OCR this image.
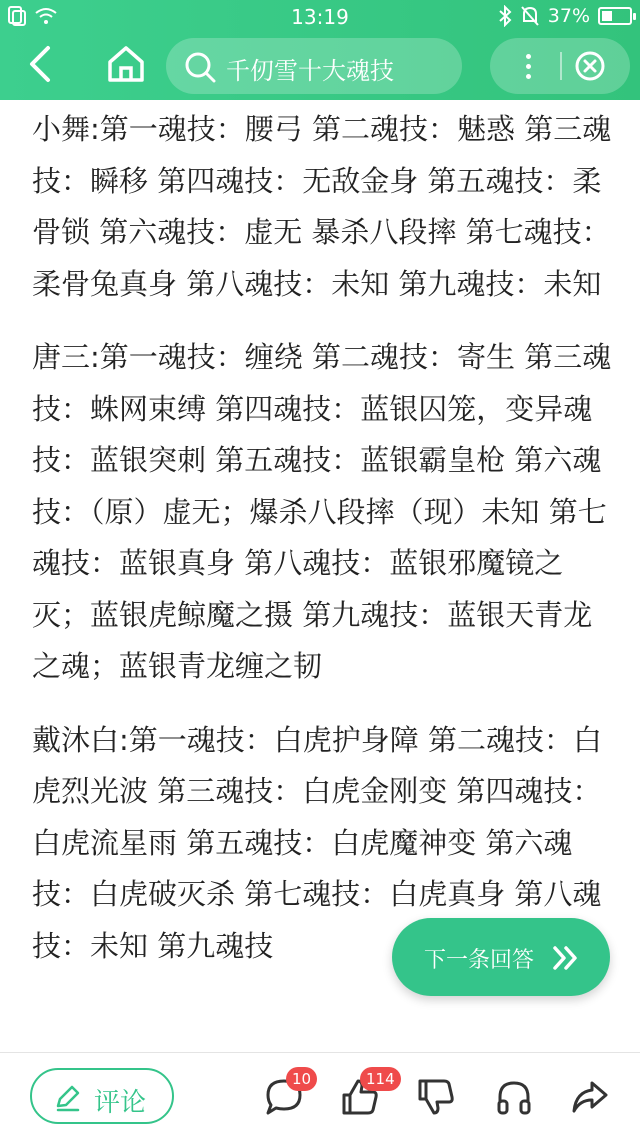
13:19	37%
千仞雪十大魂技

小舞:第一魂技：腰弓 第二魂技：魅惑 第三魂技：瞬移 第四魂技：无敌金身 第五魂技：柔骨锁 第六魂技：虚无 暴杀八段摔 第七魂技：柔骨兔真身 第八魂技：未知 第九魂技：未知

唐三:第一魂技：缠绕 第二魂技：寄生 第三魂技：蛛网束缚 第四魂技：蓝银囚笼，变异魂技：蓝银突刺 第五魂技：蓝银霸皇枪 第六魂技：（原）虚无；爆杀八段摔（现）未知 第七魂技：蓝银真身 第八魂技：蓝银邪魔镜之灭；蓝银虎鲸魔之摄 第九魂技：蓝银天青龙之魂；蓝银青龙缠之韧

戴沐白:第一魂技：白虎护身障 第二魂技：白虎烈光波 第三魂技：白虎金刚变 第四魂技：白虎流星雨 第五魂技：白虎魔神变 第六魂技：白虎破灭杀 第七魂技：白虎真身 第八魂技：未知 第九魂技	下一条回答
评论
10	114
